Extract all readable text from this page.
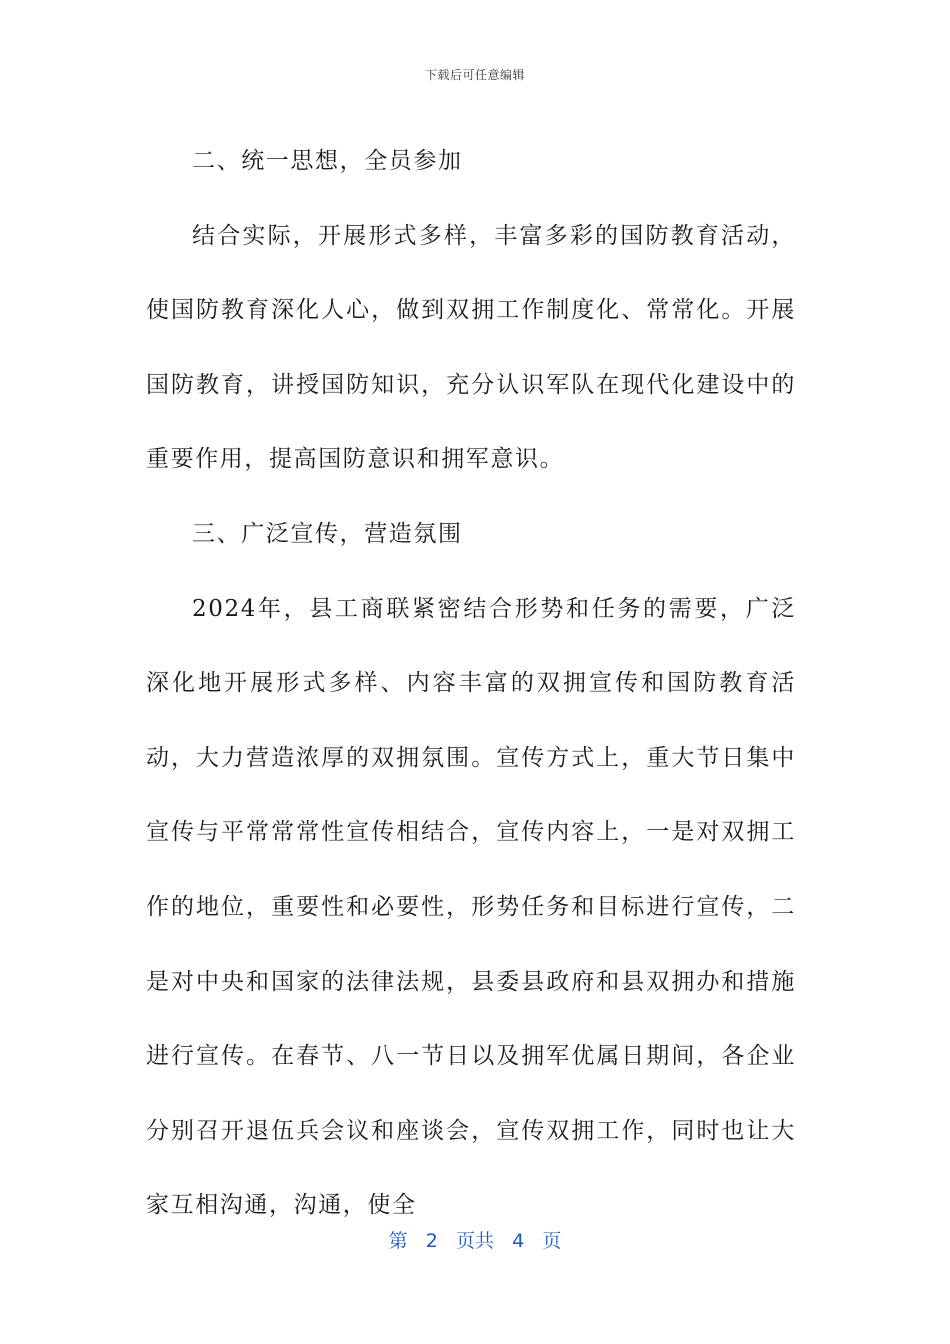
下载后可任意编辑

二、统一思想，全员参加

结合实际，开展形式多样，丰富多彩的国防教育活动，使国防教育深化人心，做到双拥工作制度化、常常化。开展国防教育，讲授国防知识，充分认识军队在现代化建设中的重要作用，提高国防意识和拥军意识。

三、广泛宣传，营造氛围

2024年，县工商联紧密结合形势和任务的需要，广泛深化地开展形式多样、内容丰富的双拥宣传和国防教育活动，大力营造浓厚的双拥氛围。宣传方式上，重大节日集中宣传与平常常常性宣传相结合，宣传内容上，一是对双拥工作的地位，重要性和必要性，形势任务和目标进行宣传，二是对中央和国家的法律法规，县委县政府和县双拥办和措施进行宣传。在春节、八一节日以及拥军优属日期间，各企业分别召开退伍兵会议和座谈会，宣传双拥工作，同时也让大家互相沟通，沟通，使全

第 2 页共 4 页
